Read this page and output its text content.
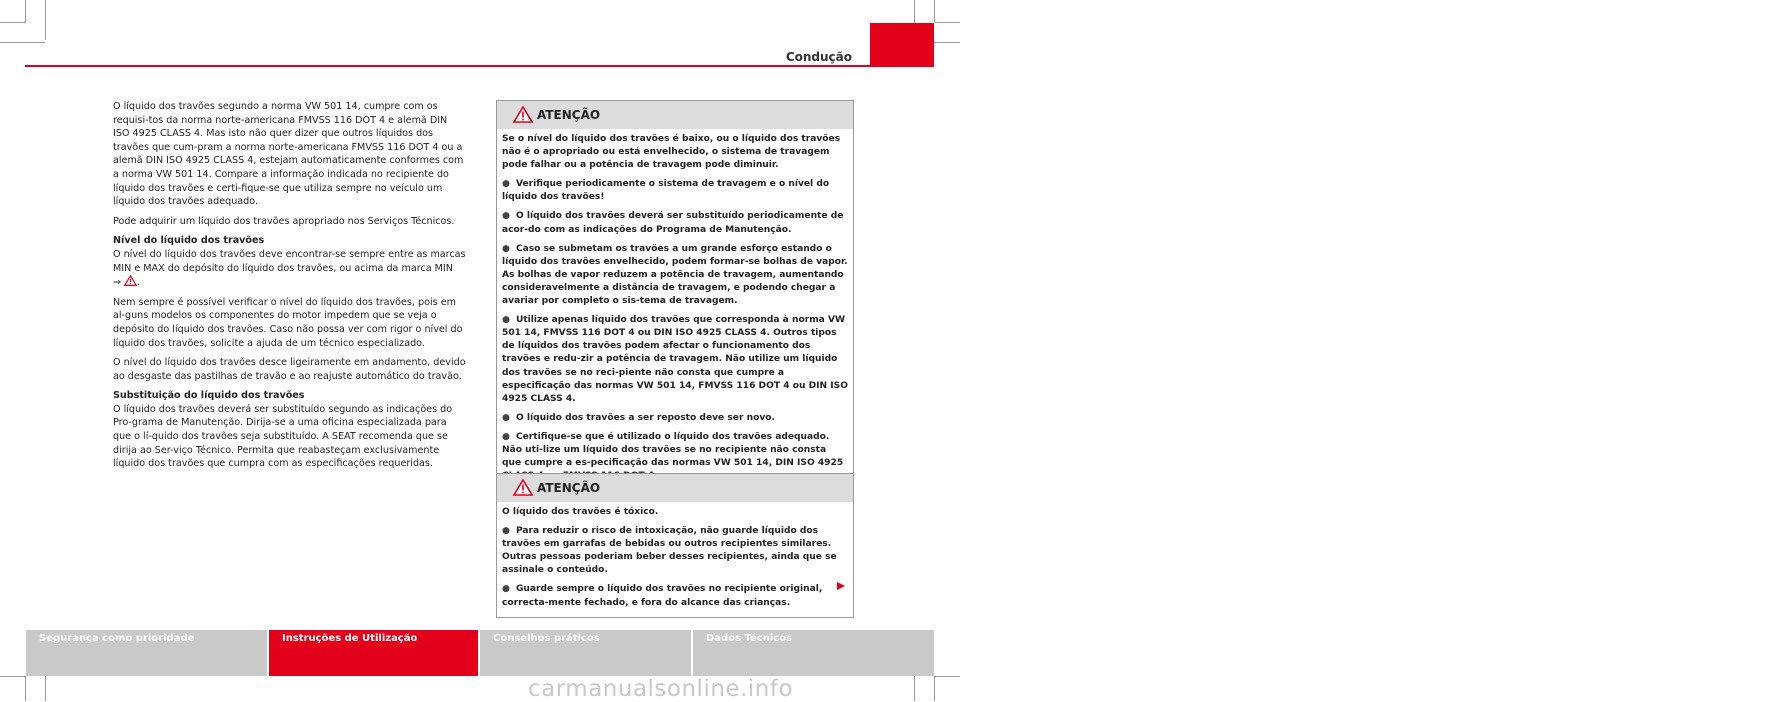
Condução	203

O líquido dos travões segundo a norma VW 501 14, cumpre com os requisi-tos da norma norte-americana FMVSS 116 DOT 4 e alemã DIN ISO 4925 CLASS 4. Mas isto não quer dizer que outros líquidos dos travões que cum-pram a norma norte-americana FMVSS 116 DOT 4 ou a alemã DIN ISO 4925 CLASS 4, estejam automaticamente conformes com a norma VW 501 14. Compare a informação indicada no recipiente do líquido dos travões e certi-fique-se que utiliza sempre no veículo um líquido dos travões adequado.

Pode adquirir um líquido dos travões apropriado nos Serviços Técnicos.

Nível do líquido dos travões

O nível do líquido dos travões deve encontrar-se sempre entre as marcas MIN e MAX do depósito do líquido dos travões, ou acima da marca MIN
⇒ .

Nem sempre é possível verificar o nível do líquido dos travões, pois em al-guns modelos os componentes do motor impedem que se veja o depósito do líquido dos travões. Caso não possa ver com rigor o nível do líquido dos travões, solicite a ajuda de um técnico especializado.

O nível do líquido dos travões desce ligeiramente em andamento, devido ao desgaste das pastilhas de travão e ao reajuste automático do travão.

Substituição do líquido dos travões

O líquido dos travões deverá ser substituído segundo as indicações do Pro-grama de Manutenção. Dirija-se a uma oficina especializada para que o lí-quido dos travões seja substituído. A SEAT recomenda que se dirija ao Ser-viço Técnico. Permita que reabasteçam exclusivamente líquido dos travões que cumpra com as especificações requeridas.

ATENÇÃO

Se o nível do líquido dos travões é baixo, ou o líquido dos travões não é o apropriado ou está envelhecido, o sistema de travagem pode falhar ou a potência de travagem pode diminuir.

● Verifique periodicamente o sistema de travagem e o nível do líquido dos travões!

● O líquido dos travões deverá ser substituído periodicamente de acor-do com as indicações do Programa de Manutenção.

● Caso se submetam os travões a um grande esforço estando o líquido dos travões envelhecido, podem formar-se bolhas de vapor. As bolhas de vapor reduzem a potência de travagem, aumentando consideravelmente a distância de travagem, e podendo chegar a avariar por completo o sis-tema de travagem.

● Utilize apenas líquido dos travões que corresponda à norma VW 501 14, FMVSS 116 DOT 4 ou DIN ISO 4925 CLASS 4. Outros tipos de líquidos dos travões podem afectar o funcionamento dos travões e redu-zir a potência de travagem. Não utilize um líquido dos travões se no reci-piente não consta que cumpre a especificação das normas VW 501 14, FMVSS 116 DOT 4 ou DIN ISO 4925 CLASS 4.

● O líquido dos travões a ser reposto deve ser novo.

● Certifique-se que é utilizado o líquido dos travões adequado. Não uti-lize um líquido dos travões se no recipiente não consta que cumpre a es-pecificação das normas VW 501 14, DIN ISO 4925

ATENÇÃO

O líquido dos travões é tóxico.

● Para reduzir o risco de intoxicação, não guarde líquido dos travões em garrafas de bebidas ou outros recipientes similares. Outras pessoas poderiam beber desses recipientes, ainda que se assinale o conteúdo.

● Guarde sempre o líquido dos travões no recipiente original, correcta-mente fechado, e fora do alcance das crianças.

Segurança como prioridade	Instruções de Utilização	Conselhos práticos	Dados Técnicos
carmanualsonline.info
